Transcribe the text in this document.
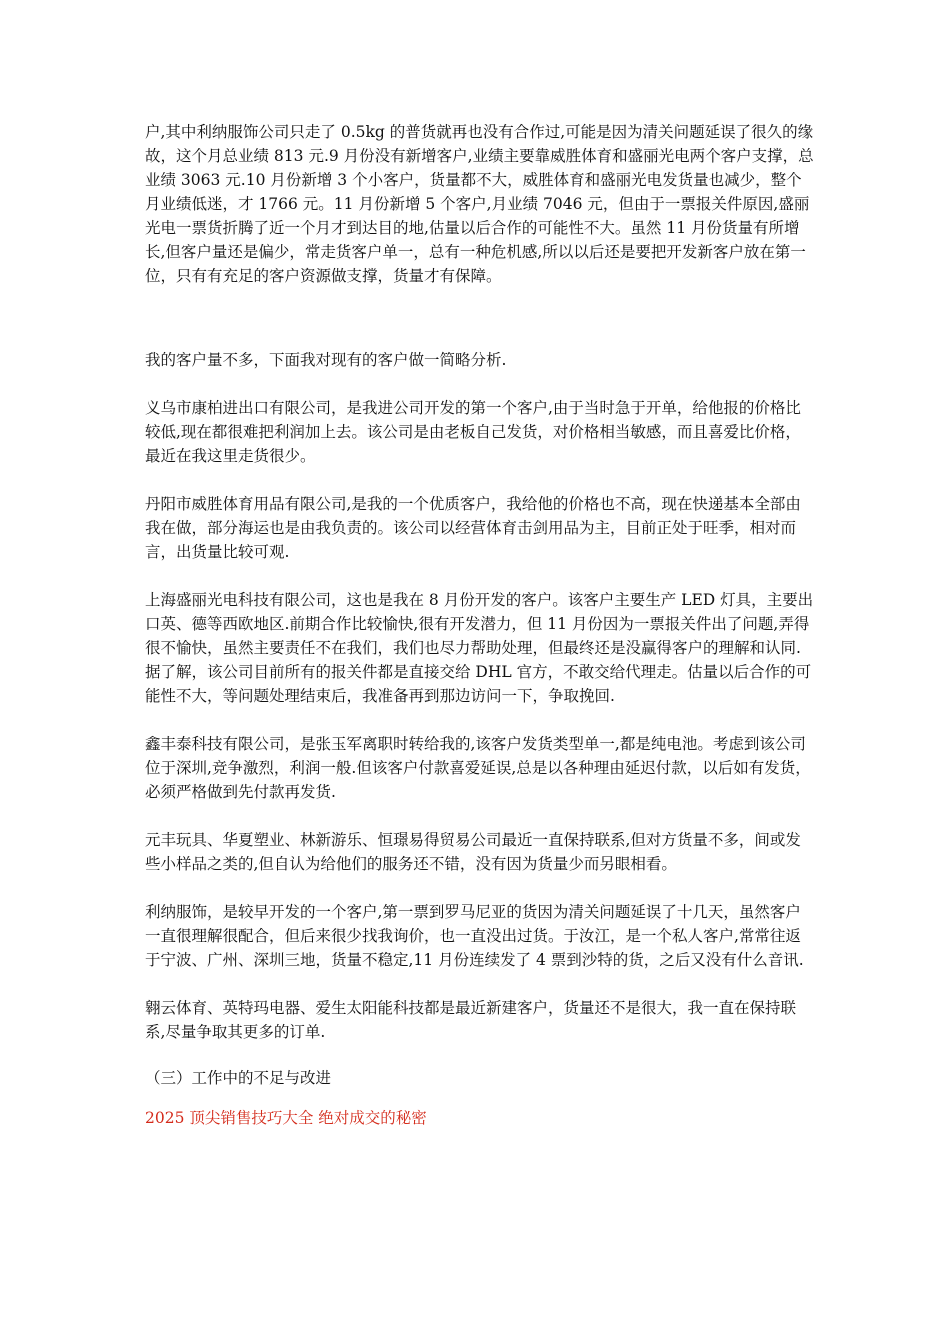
户,其中利纳服饰公司只走了 0.5kg 的普货就再也没有合作过,可能是因为清关问题延误了很久的缘故，这个月总业绩 813 元.9 月份没有新增客户,业绩主要靠威胜体育和盛丽光电两个客户支撑，总业绩 3063 元.10 月份新增 3 个小客户，货量都不大，威胜体育和盛丽光电发货量也减少，整个月业绩低迷，才 1766 元。11 月份新增 5 个客户,月业绩 7046 元，但由于一票报关件原因,盛丽光电一票货折腾了近一个月才到达目的地,估量以后合作的可能性不大。虽然 11 月份货量有所增长,但客户量还是偏少，常走货客户单一，总有一种危机感,所以以后还是要把开发新客户放在第一位，只有有充足的客户资源做支撑，货量才有保障。

我的客户量不多，下面我对现有的客户做一简略分析.

义乌市康柏进出口有限公司，是我进公司开发的第一个客户,由于当时急于开单，给他报的价格比较低,现在都很难把利润加上去。该公司是由老板自己发货，对价格相当敏感，而且喜爱比价格，最近在我这里走货很少。

丹阳市威胜体育用品有限公司,是我的一个优质客户，我给他的价格也不高，现在快递基本全部由我在做，部分海运也是由我负责的。该公司以经营体育击剑用品为主，目前正处于旺季，相对而言，出货量比较可观.

上海盛丽光电科技有限公司，这也是我在 8 月份开发的客户。该客户主要生产 LED 灯具，主要出口英、德等西欧地区.前期合作比较愉快,很有开发潜力，但 11 月份因为一票报关件出了问题,弄得很不愉快，虽然主要责任不在我们，我们也尽力帮助处理，但最终还是没赢得客户的理解和认同.据了解，该公司目前所有的报关件都是直接交给 DHL 官方，不敢交给代理走。估量以后合作的可能性不大，等问题处理结束后，我准备再到那边访问一下，争取挽回.

鑫丰泰科技有限公司，是张玉军离职时转给我的,该客户发货类型单一,都是纯电池。考虑到该公司位于深圳,竞争激烈，利润一般.但该客户付款喜爱延误,总是以各种理由延迟付款，以后如有发货，必须严格做到先付款再发货.

元丰玩具、华夏塑业、林新游乐、恒璟易得贸易公司最近一直保持联系,但对方货量不多，间或发些小样品之类的,但自认为给他们的服务还不错，没有因为货量少而另眼相看。

利纳服饰，是较早开发的一个客户,第一票到罗马尼亚的货因为清关问题延误了十几天，虽然客户一直很理解很配合，但后来很少找我询价，也一直没出过货。于汝江，是一个私人客户,常常往返于宁波、广州、深圳三地，货量不稳定,11 月份连续发了 4 票到沙特的货，之后又没有什么音讯.

翱云体育、英特玛电器、爱生太阳能科技都是最近新建客户，货量还不是很大，我一直在保持联系,尽量争取其更多的订单.

（三）工作中的不足与改进

2025 顶尖销售技巧大全 绝对成交的秘密
